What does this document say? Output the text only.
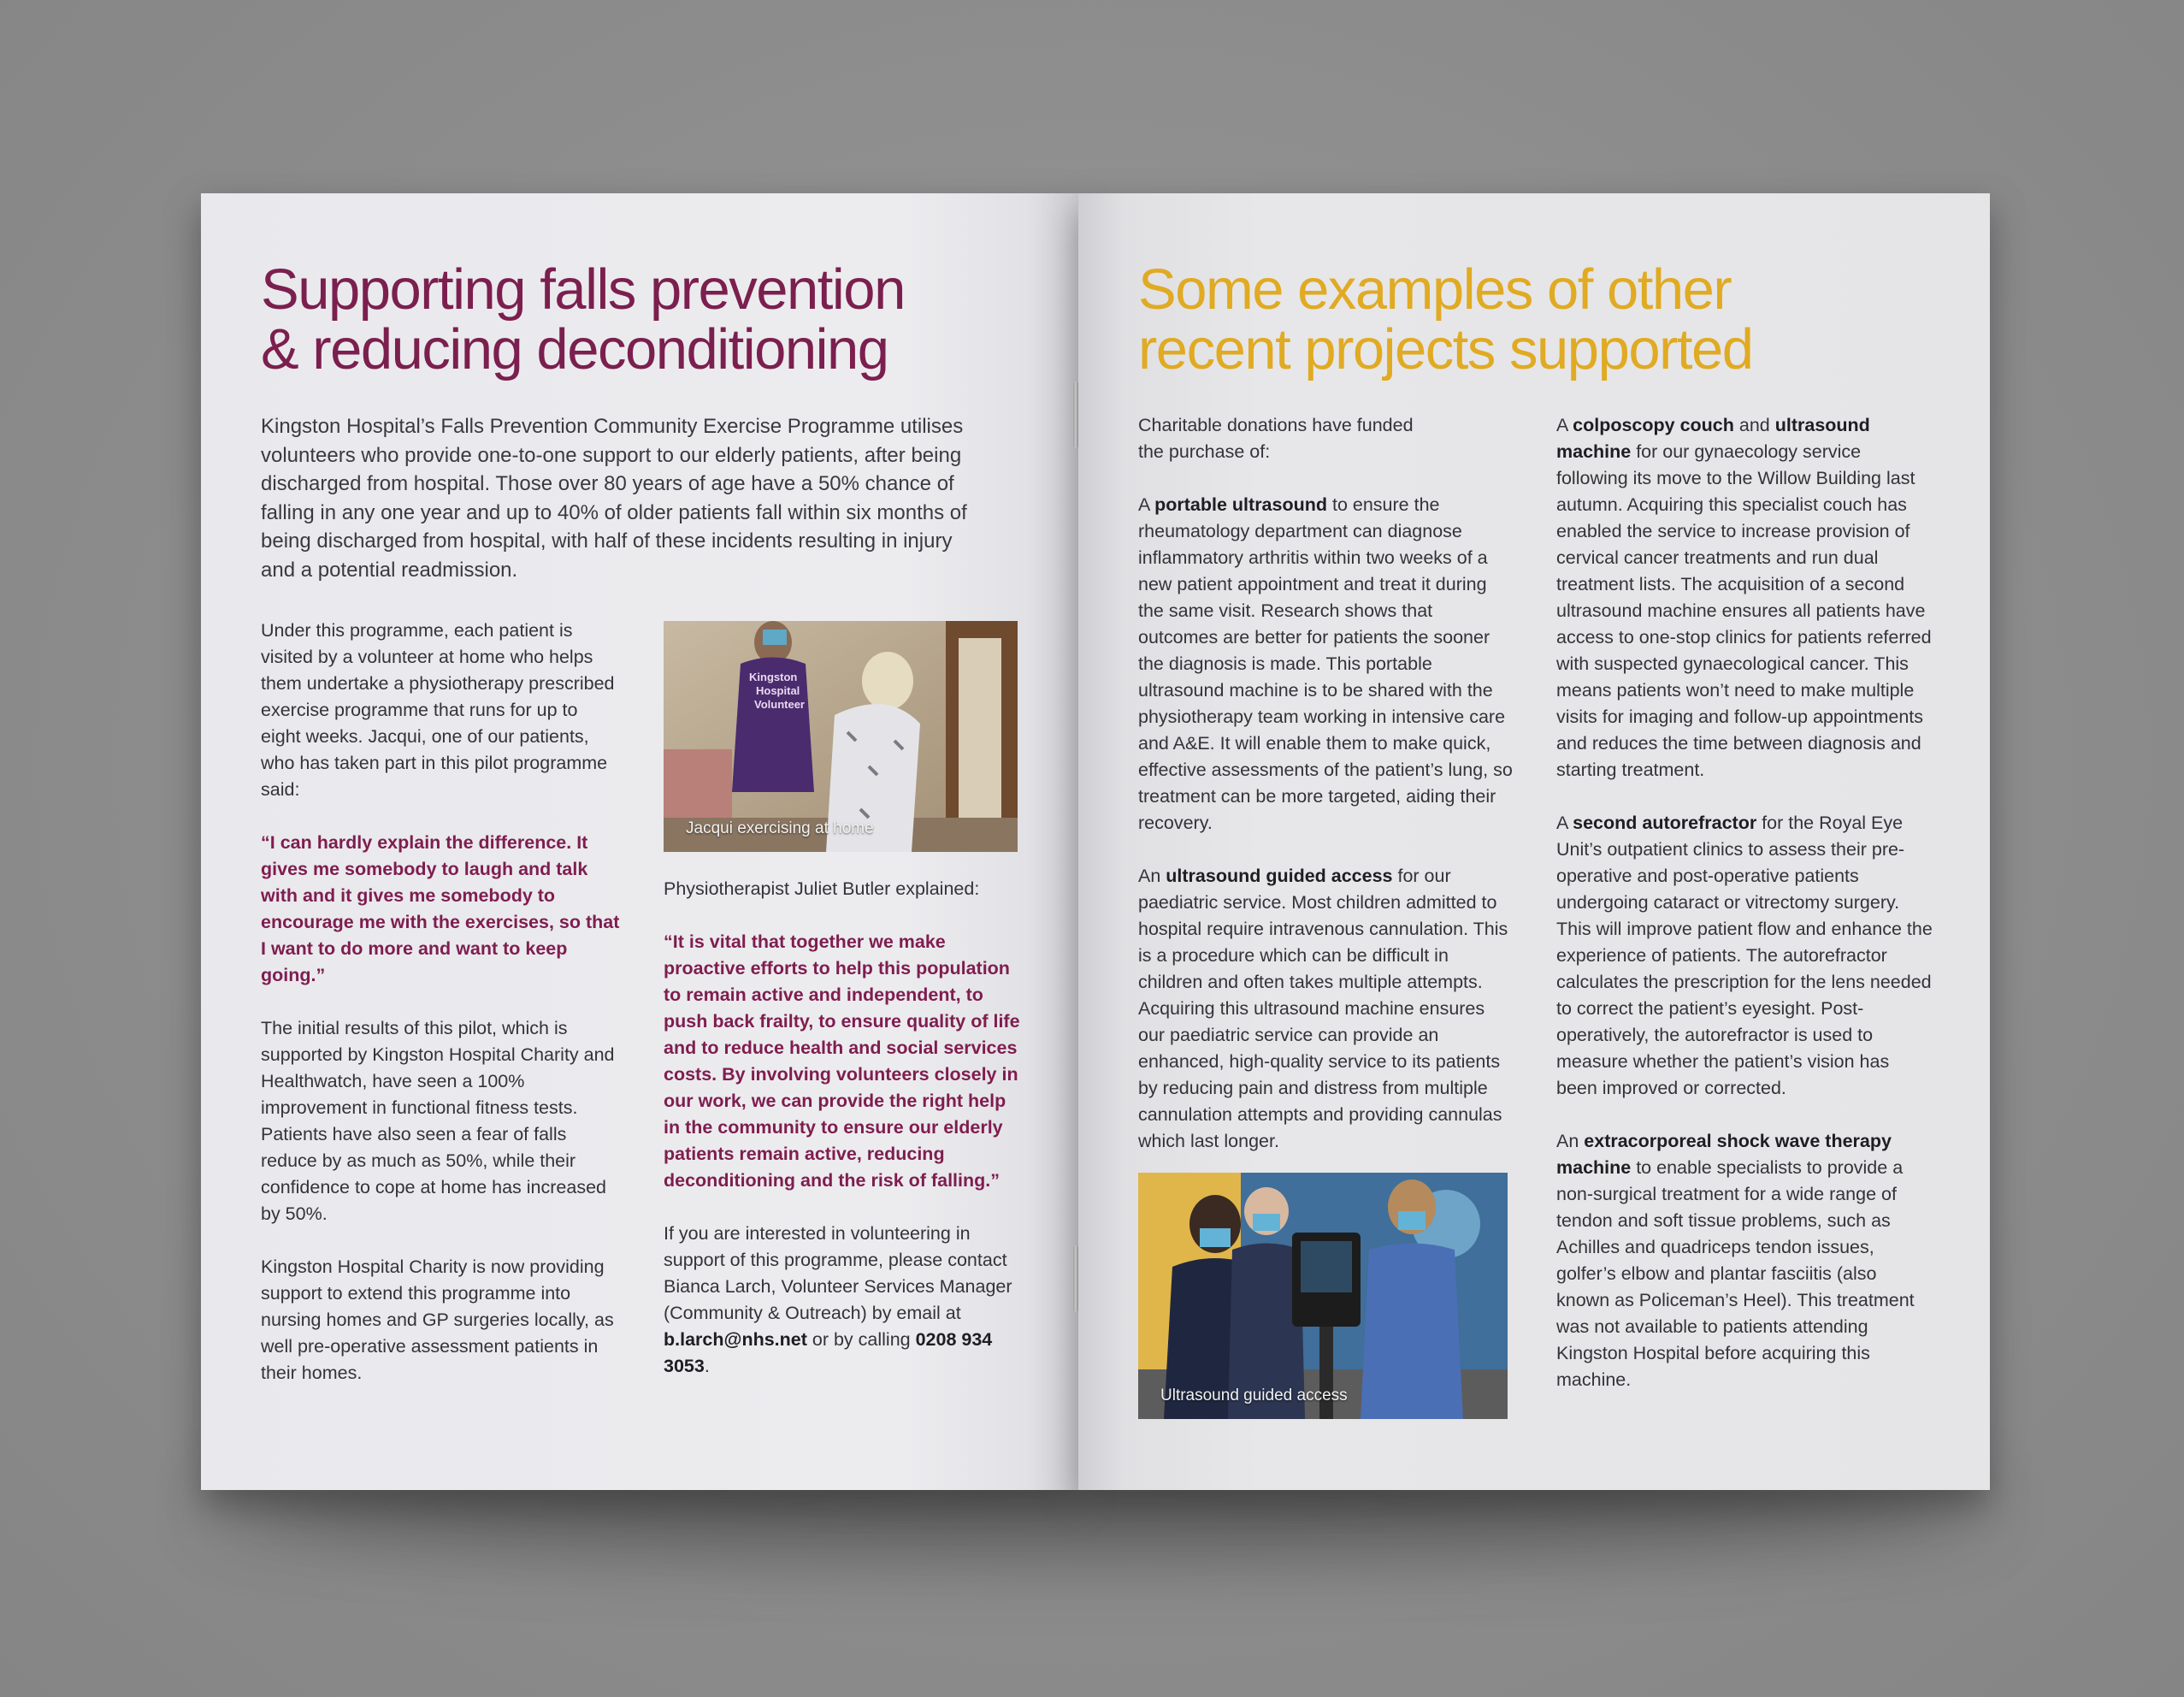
Supporting falls prevention
& reducing deconditioning

Kingston Hospital’s Falls Prevention Community Exercise Programme utilises volunteers who provide one-to-one support to our elderly patients, after being discharged from hospital. Those over 80 years of age have a 50% chance of falling in any one year and up to 40% of older patients fall within six months of being discharged from hospital, with half of these incidents resulting in injury and a potential readmission.

Under this programme, each patient is visited by a volunteer at home who helps them undertake a physiotherapy prescribed exercise programme that runs for up to eight weeks. Jacqui, one of our patients, who has taken part in this pilot programme said:

“I can hardly explain the difference. It gives me somebody to laugh and talk with and it gives me somebody to encourage me with the exercises, so that I want to do more and want to keep going.”

The initial results of this pilot, which is supported by Kingston Hospital Charity and Healthwatch, have seen a 100% improvement in functional fitness tests. Patients have also seen a fear of falls reduce by as much as 50%, while their confidence to cope at home has increased by 50%.

Kingston Hospital Charity is now providing support to extend this programme into nursing homes and GP surgeries locally, as well pre-operative assessment patients in their homes.

Kingston
Hospital
Volunteer
Jacqui exercising at home

Physiotherapist Juliet Butler explained:

“It is vital that together we make proactive efforts to help this population to remain active and independent, to push back frailty, to ensure quality of life and to reduce health and social services costs. By involving volunteers closely in our work, we can provide the right help in the community to ensure our elderly patients remain active, reducing deconditioning and the risk of falling.”

If you are interested in volunteering in support of this programme, please contact Bianca Larch, Volunteer Services Manager (Community & Outreach) by email at b.larch@nhs.net or by calling 0208 934 3053.

Some examples of other
recent projects supported

Charitable donations have funded the purchase of:

A portable ultrasound to ensure the rheumatology department can diagnose inflammatory arthritis within two weeks of a new patient appointment and treat it during the same visit. Research shows that outcomes are better for patients the sooner the diagnosis is made. This portable ultrasound machine is to be shared with the physiotherapy team working in intensive care and A&E. It will enable them to make quick, effective assessments of the patient’s lung, so treatment can be more targeted, aiding their recovery.

An ultrasound guided access for our paediatric service. Most children admitted to hospital require intravenous cannulation. This is a procedure which can be difficult in children and often takes multiple attempts. Acquiring this ultrasound machine ensures our paediatric service can provide an enhanced, high-quality service to its patients by reducing pain and distress from multiple cannulation attempts and providing cannulas which last longer.

Ultrasound guided access

A colposcopy couch and ultrasound machine for our gynaecology service following its move to the Willow Building last autumn. Acquiring this specialist couch has enabled the service to increase provision of cervical cancer treatments and run dual treatment lists. The acquisition of a second ultrasound machine ensures all patients have access to one-stop clinics for patients referred with suspected gynaecological cancer. This means patients won’t need to make multiple visits for imaging and follow-up appointments and reduces the time between diagnosis and starting treatment.

A second autorefractor for the Royal Eye Unit’s outpatient clinics to assess their pre-operative and post-operative patients undergoing cataract or vitrectomy surgery. This will improve patient flow and enhance the experience of patients. The autorefractor calculates the prescription for the lens needed to correct the patient’s eyesight. Post-operatively, the autorefractor is used to measure whether the patient’s vision has been improved or corrected.

An extracorporeal shock wave therapy machine to enable specialists to provide a non-surgical treatment for a wide range of tendon and soft tissue problems, such as Achilles and quadriceps tendon issues, golfer’s elbow and plantar fasciitis (also known as Policeman’s Heel). This treatment was not available to patients attending Kingston Hospital before acquiring this machine.
